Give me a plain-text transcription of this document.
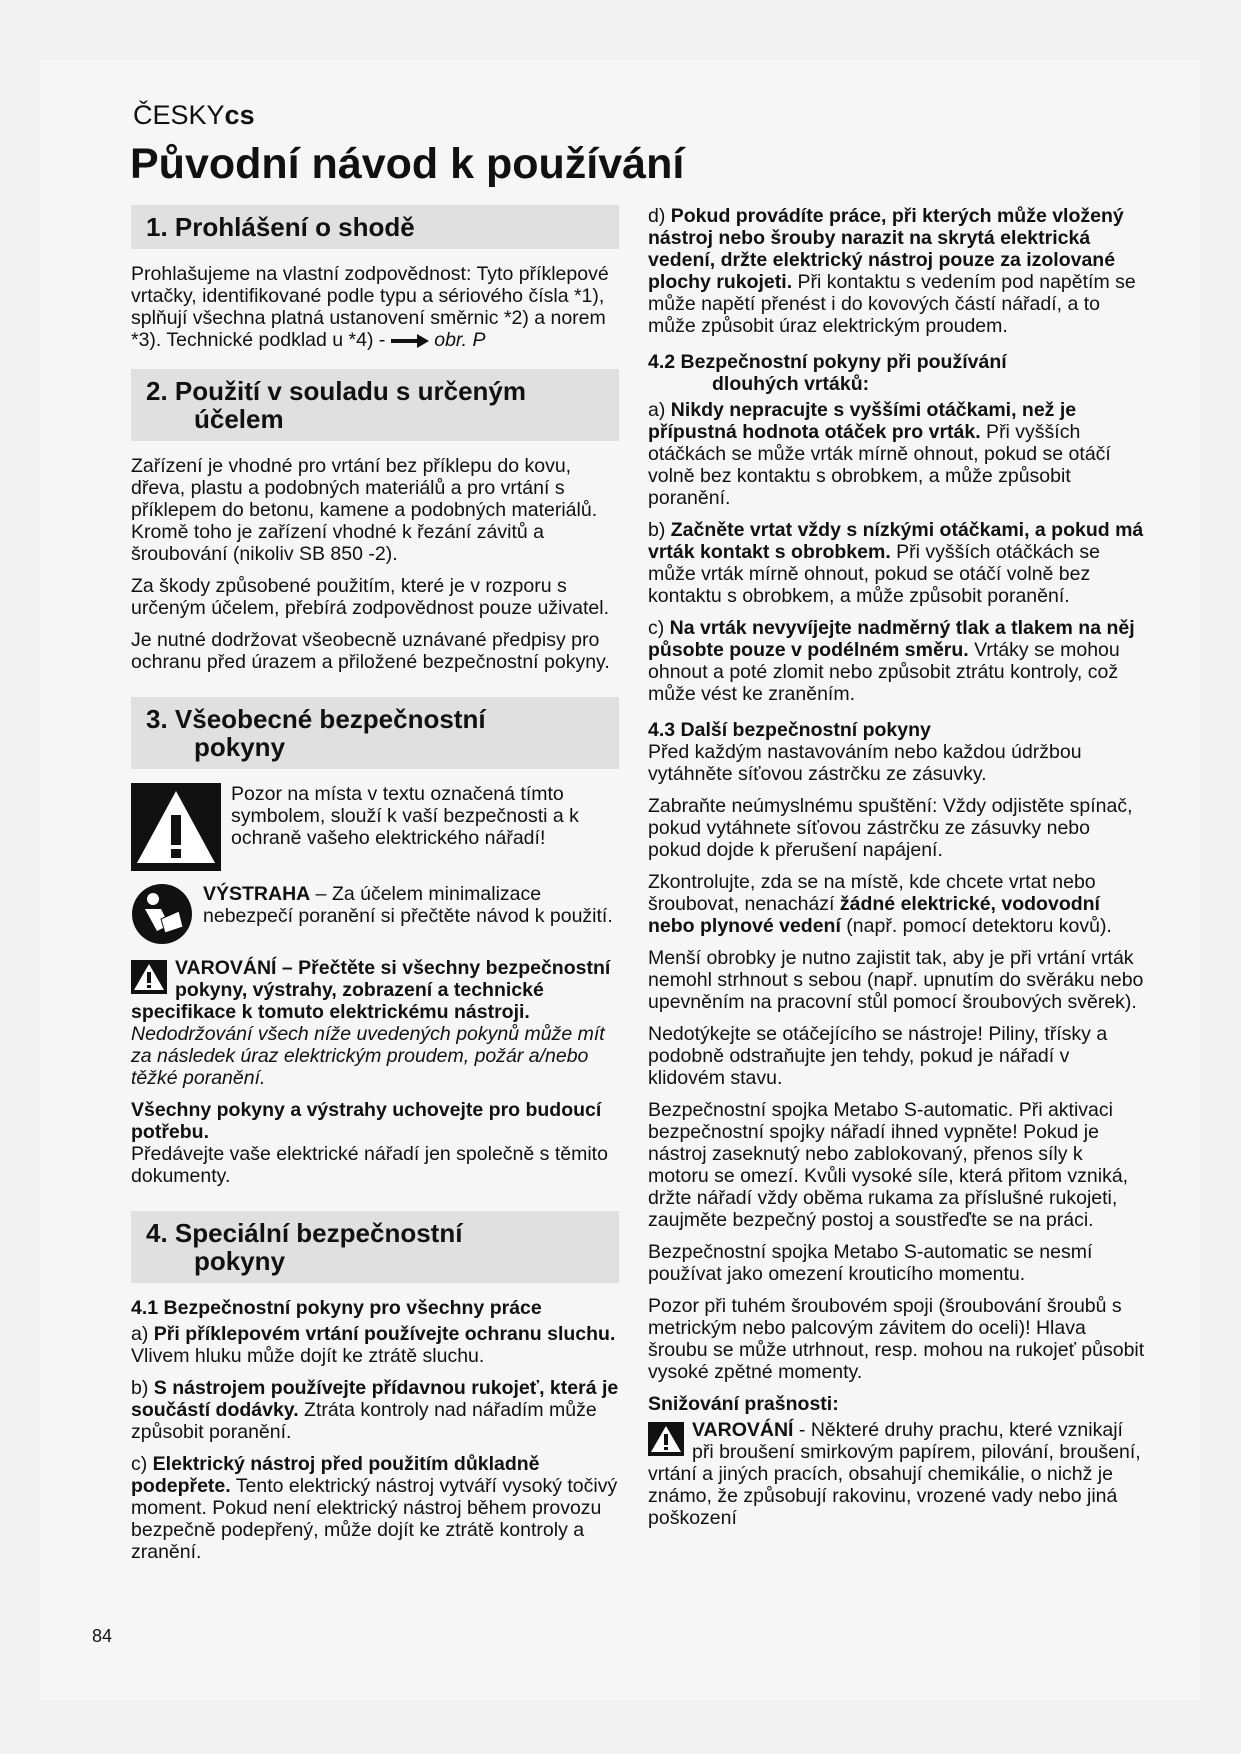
ČESKYcs
Původní návod k používání
1. Prohlášení o shodě

Prohlašujeme na vlastní zodpovědnost: Tyto příklepové vrtačky, identifikované podle typu a sériového čísla *1), splňují všechna platná ustanovení směrnic *2) a norem *3). Technické podklad u *4) -	obr. P

2. Použití v souladu s určeným
účelem

Zařízení je vhodné pro vrtání bez příklepu do kovu, dřeva, plastu a podobných materiálů a pro vrtání s příklepem do betonu, kamene a podobných materiálů. Kromě toho je zařízení vhodné k řezání závitů a šroubování (nikoliv SB 850 -2).

Za škody způsobené použitím, které je v rozporu s určeným účelem, přebírá zodpovědnost pouze uživatel.

Je nutné dodržovat všeobecně uznávané předpisy pro ochranu před úrazem a přiložené bezpečnostní pokyny.

3. Všeobecné bezpečnostní
pokyny
Pozor na místa v textu označená tímto symbolem, slouží k vaší bezpečnosti a k ochraně vašeho elektrického nářadí!
VÝSTRAHA – Za účelem minimalizace nebezpečí poranění si přečtěte návod k použití.

VAROVÁNÍ – Přečtěte si všechny bezpečnostní pokyny, výstrahy, zobrazení a technické specifikace k tomuto elektrickému nástroji. Nedodržování všech níže uvedených pokynů může mít za následek úraz elektrickým proudem, požár a/nebo těžké poranění.

Všechny pokyny a výstrahy uchovejte pro budoucí potřebu.
Předávejte vaše elektrické nářadí jen společně s těmito dokumenty.

4. Speciální bezpečnostní
pokyny

4.1 Bezpečnostní pokyny pro všechny práce

a) Při příklepovém vrtání používejte ochranu sluchu. Vlivem hluku může dojít ke ztrátě sluchu.

b) S nástrojem používejte přídavnou rukojeť, která je součástí dodávky. Ztráta kontroly nad nářadím může způsobit poranění.

c) Elektrický nástroj před použitím důkladně podepřete. Tento elektrický nástroj vytváří vysoký točivý moment. Pokud není elektrický nástroj během provozu bezpečně podepřený, může dojít ke ztrátě kontroly a zranění.

d) Pokud provádíte práce, při kterých může vložený nástroj nebo šrouby narazit na skrytá elektrická vedení, držte elektrický nástroj pouze za izolované plochy rukojeti. Při kontaktu s vedením pod napětím se může napětí přenést i do kovových částí nářadí, a to může způsobit úraz elektrickým proudem.

4.2 Bezpečnostní pokyny při používání
dlouhých vrtáků:

a) Nikdy nepracujte s vyššími otáčkami, než je přípustná hodnota otáček pro vrták. Při vyšších otáčkách se může vrták mírně ohnout, pokud se otáčí volně bez kontaktu s obrobkem, a může způsobit poranění.

b) Začněte vrtat vždy s nízkými otáčkami, a pokud má vrták kontakt s obrobkem. Při vyšších otáčkách se může vrták mírně ohnout, pokud se otáčí volně bez kontaktu s obrobkem, a může způsobit poranění.

c) Na vrták nevyvíjejte nadměrný tlak a tlakem na něj působte pouze v podélném směru. Vrtáky se mohou ohnout a poté zlomit nebo způsobit ztrátu kontroly, což může vést ke zraněním.

4.3 Další bezpečnostní pokyny

Před každým nastavováním nebo každou údržbou vytáhněte síťovou zástrčku ze zásuvky.

Zabraňte neúmyslnému spuštění: Vždy odjistěte spínač, pokud vytáhnete síťovou zástrčku ze zásuvky nebo pokud dojde k přerušení napájení.

Zkontrolujte, zda se na místě, kde chcete vrtat nebo šroubovat, nenachází žádné elektrické, vodovodní nebo plynové vedení (např. pomocí detektoru kovů).

Menší obrobky je nutno zajistit tak, aby je při vrtání vrták nemohl strhnout s sebou (např. upnutím do svěráku nebo upevněním na pracovní stůl pomocí šroubových svěrek).

Nedotýkejte se otáčejícího se nástroje! Piliny, třísky a podobně odstraňujte jen tehdy, pokud je nářadí v klidovém stavu.

Bezpečnostní spojka Metabo S-automatic. Při aktivaci bezpečnostní spojky nářadí ihned vypněte! Pokud je nástroj zaseknutý nebo zablokovaný, přenos síly k motoru se omezí. Kvůli vysoké síle, která přitom vzniká, držte nářadí vždy oběma rukama za příslušné rukojeti, zaujměte bezpečný postoj a soustřeďte se na práci.

Bezpečnostní spojka Metabo S-automatic se nesmí používat jako omezení krouticího momentu.

Pozor při tuhém šroubovém spoji (šroubování šroubů s metrickým nebo palcovým závitem do oceli)! Hlava šroubu se může utrhnout, resp. mohou na rukojeť působit vysoké zpětné momenty.

Snižování prašnosti:

VAROVÁNÍ - Některé druhy prachu, které vznikají při broušení smirkovým papírem, pilování, broušení, vrtání a jiných pracích, obsahují chemikálie, o nichž je známo, že způsobují rakovinu, vrozené vady nebo jiná poškození

84
